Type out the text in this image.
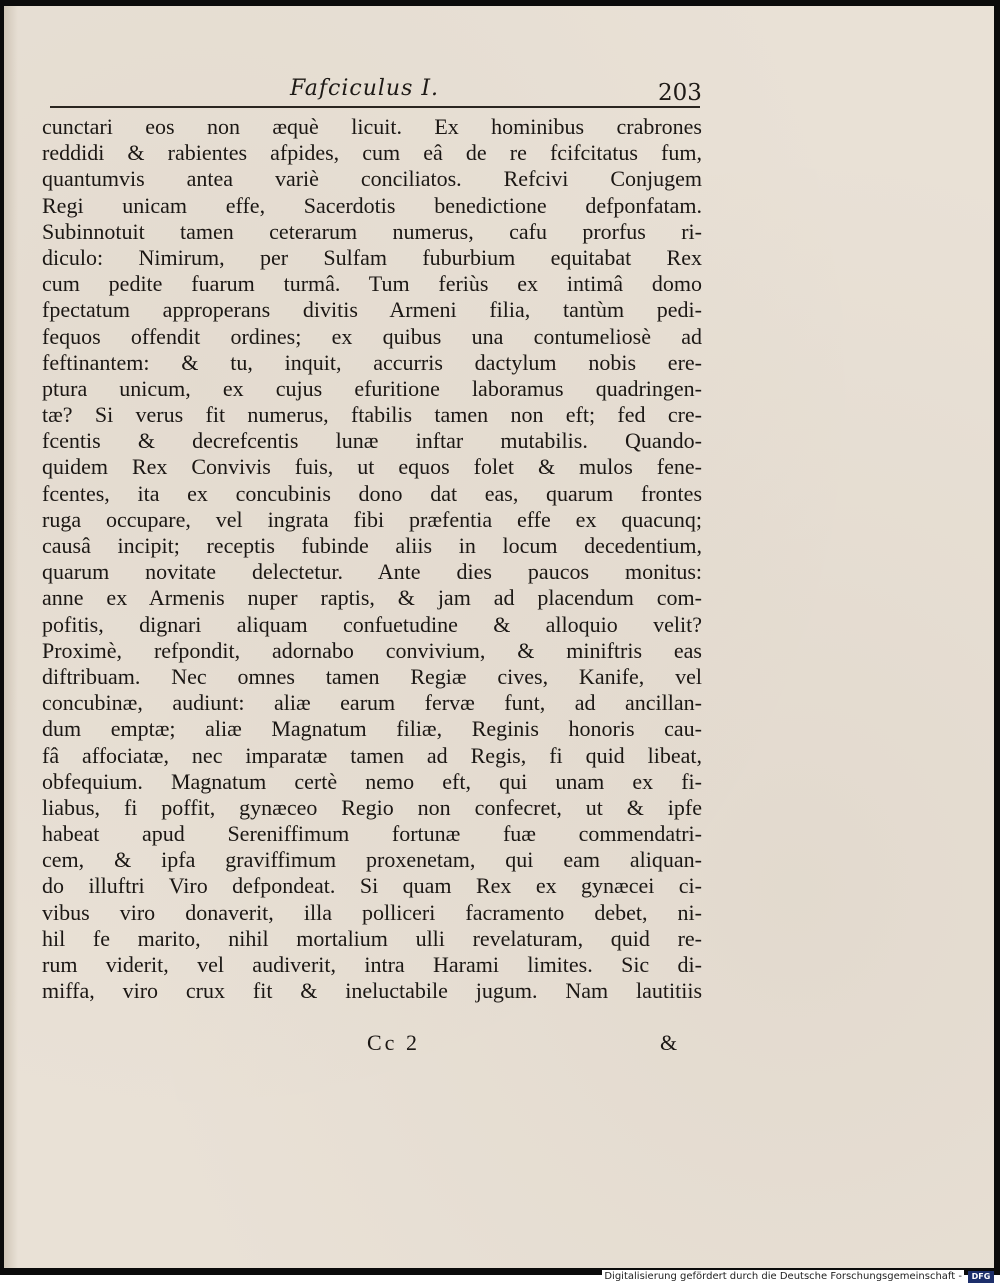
Fafciculus I.	203
cunctari eos non æquè licuit. Ex hominibus crabrones
reddidi & rabientes afpides, cum eâ de re fcifcitatus fum,
quantumvis antea variè conciliatos. Refcivi Conjugem
Regi unicam effe, Sacerdotis benedictione defponfatam.
Subinnotuit tamen ceterarum numerus, cafu prorfus ri-
diculo: Nimirum, per Sulfam fuburbium equitabat Rex
cum pedite fuarum turmâ. Tum feriùs ex intimâ domo
fpectatum approperans divitis Armeni filia, tantùm pedi-
fequos offendit ordines; ex quibus una contumeliosè ad
feftinantem: & tu, inquit, accurris dactylum nobis ere-
ptura unicum, ex cujus efuritione laboramus quadringen-
tæ? Si verus fit numerus, ftabilis tamen non eft; fed cre-
fcentis & decrefcentis lunæ inftar mutabilis. Quando-
quidem Rex Convivis fuis, ut equos folet & mulos fene-
fcentes, ita ex concubinis dono dat eas, quarum frontes
ruga occupare, vel ingrata fibi præfentia effe ex quacunq;
causâ incipit; receptis fubinde aliis in locum decedentium,
quarum novitate delectetur. Ante dies paucos monitus:
anne ex Armenis nuper raptis, & jam ad placendum com-
pofitis, dignari aliquam confuetudine & alloquio velit?
Proximè, refpondit, adornabo convivium, & miniftris eas
diftribuam. Nec omnes tamen Regiæ cives, Kanife, vel
concubinæ, audiunt: aliæ earum fervæ funt, ad ancillan-
dum emptæ; aliæ Magnatum filiæ, Reginis honoris cau-
fâ affociatæ, nec imparatæ tamen ad Regis, fi quid libeat,
obfequium. Magnatum certè nemo eft, qui unam ex fi-
liabus, fi poffit, gynæceo Regio non confecret, ut & ipfe
habeat apud Sereniffimum fortunæ fuæ commendatri-
cem, & ipfa graviffimum proxenetam, qui eam aliquan-
do illuftri Viro defpondeat. Si quam Rex ex gynæcei ci-
vibus viro donaverit, illa polliceri facramento debet, ni-
hil fe marito, nihil mortalium ulli revelaturam, quid re-
rum viderit, vel audiverit, intra Harami limites. Sic di-
miffa, viro crux fit & ineluctabile jugum. Nam lautitiis
Cc 2	&
Digitalisierung gefördert durch die Deutsche Forschungsgemeinschaft -	DFG
